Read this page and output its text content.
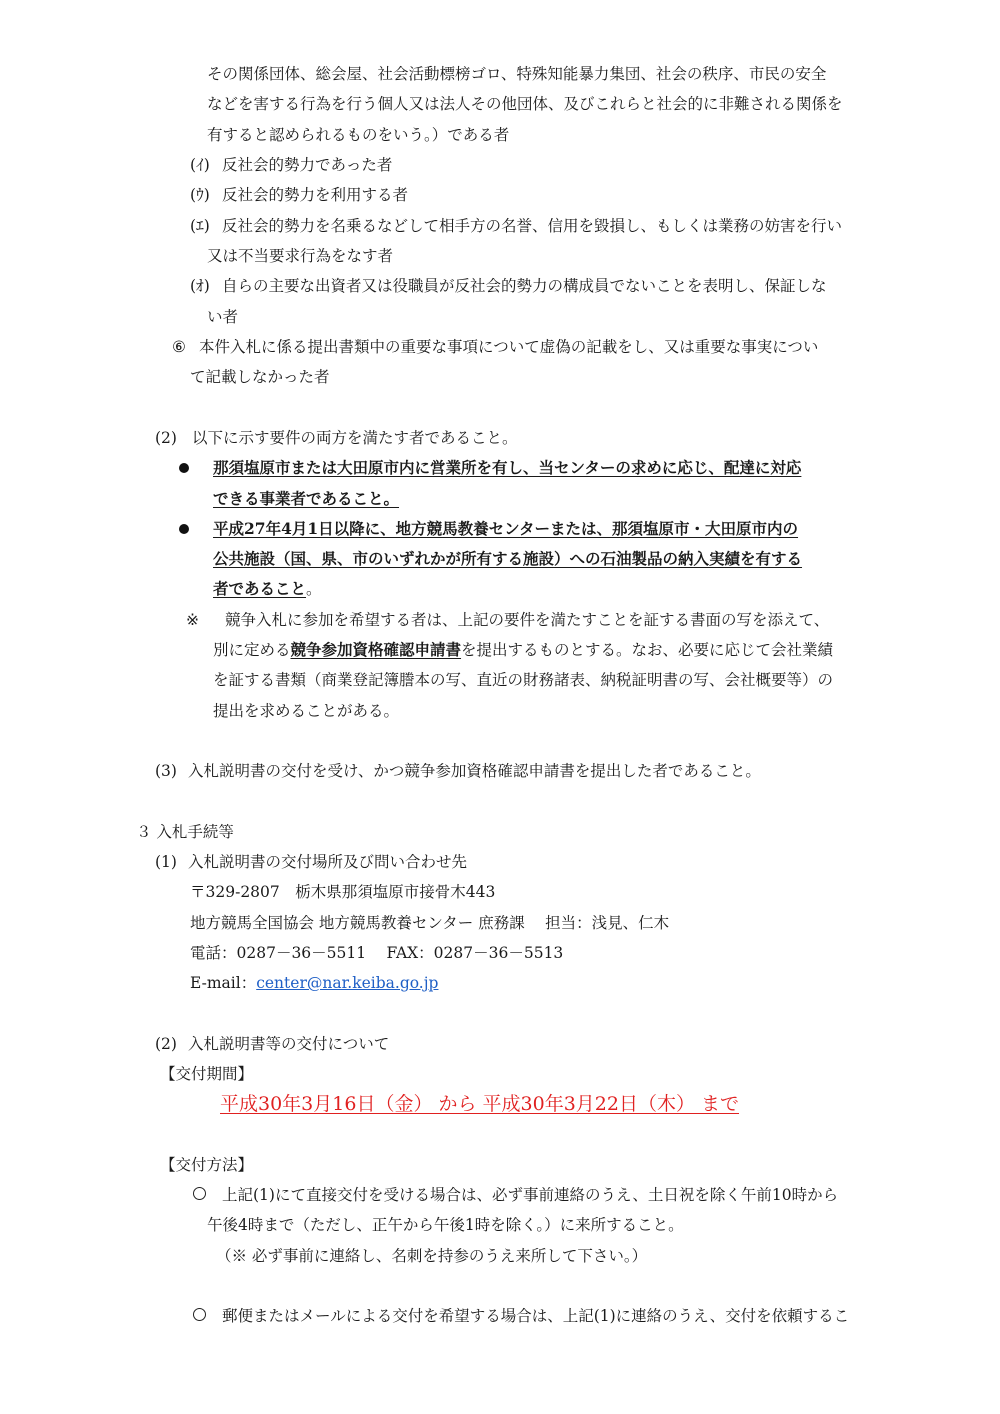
その関係団体、総会屋、社会活動標榜ゴロ、特殊知能暴力集団、社会の秩序、市民の安全
などを害する行為を行う個人又は法人その他団体、及びこれらと社会的に非難される関係を
有すると認められるものをいう。）である者
(ｲ) 反社会的勢力であった者
(ｳ) 反社会的勢力を利用する者
(ｴ) 反社会的勢力を名乗るなどして相手方の名誉、信用を毀損し、もしくは業務の妨害を行い
又は不当要求行為をなす者
(ｵ) 自らの主要な出資者又は役職員が反社会的勢力の構成員でないことを表明し、保証しな
い者
⑥ 本件入札に係る提出書類中の重要な事項について虚偽の記載をし、又は重要な事実につい
て記載しなかった者
(2) 以下に示す要件の両方を満たす者であること。
那須塩原市または大田原市内に営業所を有し、当センターの求めに応じ、配達に対応
できる事業者であること。
平成27年4月1日以降に、地方競馬教養センターまたは、那須塩原市・大田原市内の
公共施設（国、県、市のいずれかが所有する施設）への石油製品の納入実績を有する
者であること。
※ 競争入札に参加を希望する者は、上記の要件を満たすことを証する書面の写を添えて、
別に定める競争参加資格確認申請書を提出するものとする。なお、必要に応じて会社業績
を証する書類（商業登記簿謄本の写、直近の財務諸表、納税証明書の写、会社概要等）の
提出を求めることがある。
(3) 入札説明書の交付を受け、かつ競争参加資格確認申請書を提出した者であること。
３ 入札手続等
(1) 入札説明書の交付場所及び問い合わせ先
〒329-2807　栃木県那須塩原市接骨木443
地方競馬全国協会 地方競馬教養センター 庶務課　 担当：浅見、仁木
電話：0287－36－5511　 FAX：0287－36－5513
E-mail：center@nar.keiba.go.jp
(2) 入札説明書等の交付について
【交付期間】
平成30年3月16日（金） から 平成30年3月22日（木） まで
【交付方法】
上記(1)にて直接交付を受ける場合は、必ず事前連絡のうえ、土日祝を除く午前10時から
午後4時まで（ただし、正午から午後1時を除く。）に来所すること。
（※ 必ず事前に連絡し、名刺を持参のうえ来所して下さい。）
郵便またはメールによる交付を希望する場合は、上記(1)に連絡のうえ、交付を依頼するこ
